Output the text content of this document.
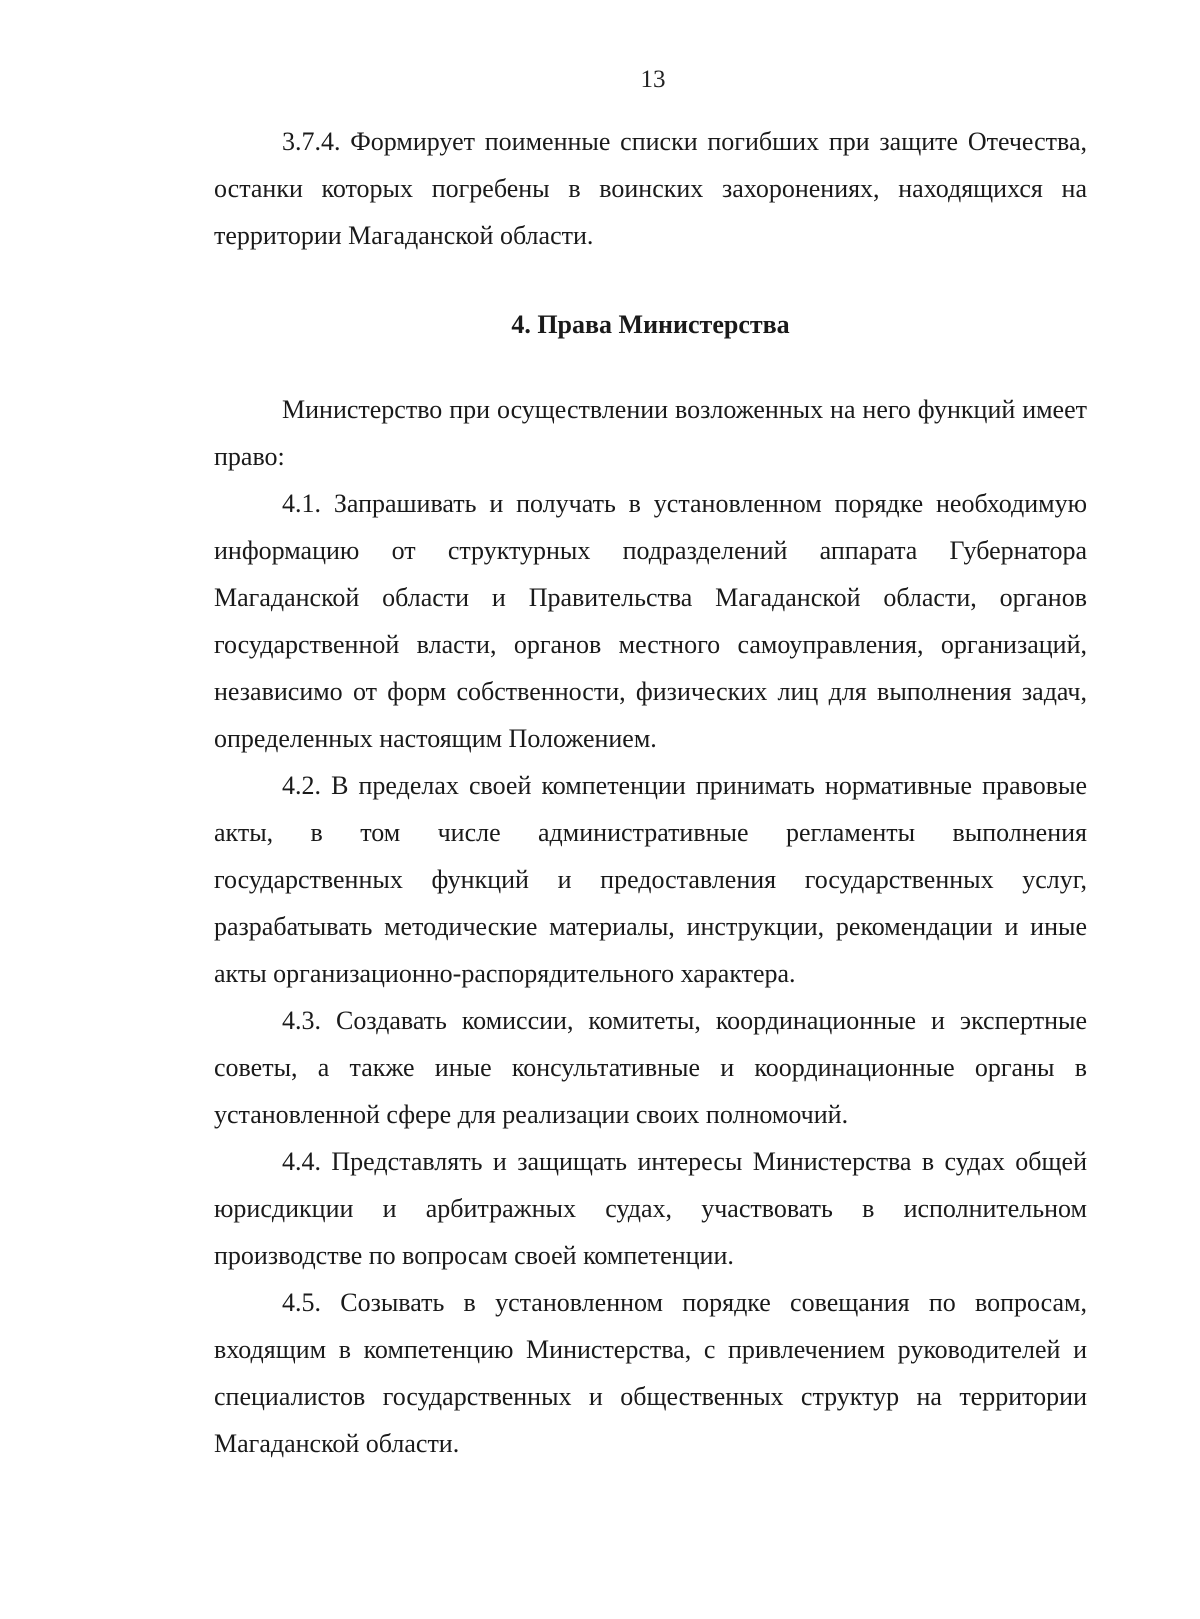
13

3.7.4. Формирует поименные списки погибших при защите Отечества, останки которых погребены в воинских захоронениях, находящихся на территории Магаданской области.

4. Права Министерства

Министерство при осуществлении возложенных на него функций имеет право:

4.1. Запрашивать и получать в установленном порядке необходимую информацию от структурных подразделений аппарата Губернатора Магаданской области и Правительства Магаданской области, органов государственной власти, органов местного самоуправления, организаций, независимо от форм собственности, физических лиц для выполнения задач, определенных настоящим Положением.

4.2. В пределах своей компетенции принимать нормативные правовые акты, в том числе административные регламенты выполнения государственных функций и предоставления государственных услуг, разрабатывать методические материалы, инструкции, рекомендации и иные акты организационно-распорядительного характера.

4.3. Создавать комиссии, комитеты, координационные и экспертные советы, а также иные консультативные и координационные органы в установленной сфере для реализации своих полномочий.

4.4. Представлять и защищать интересы Министерства в судах общей юрисдикции и арбитражных судах, участвовать в исполнительном производстве по вопросам своей компетенции.

4.5. Созывать в установленном порядке совещания по вопросам, входящим в компетенцию Министерства, с привлечением руководителей и специалистов государственных и общественных структур на территории Магаданской области.
